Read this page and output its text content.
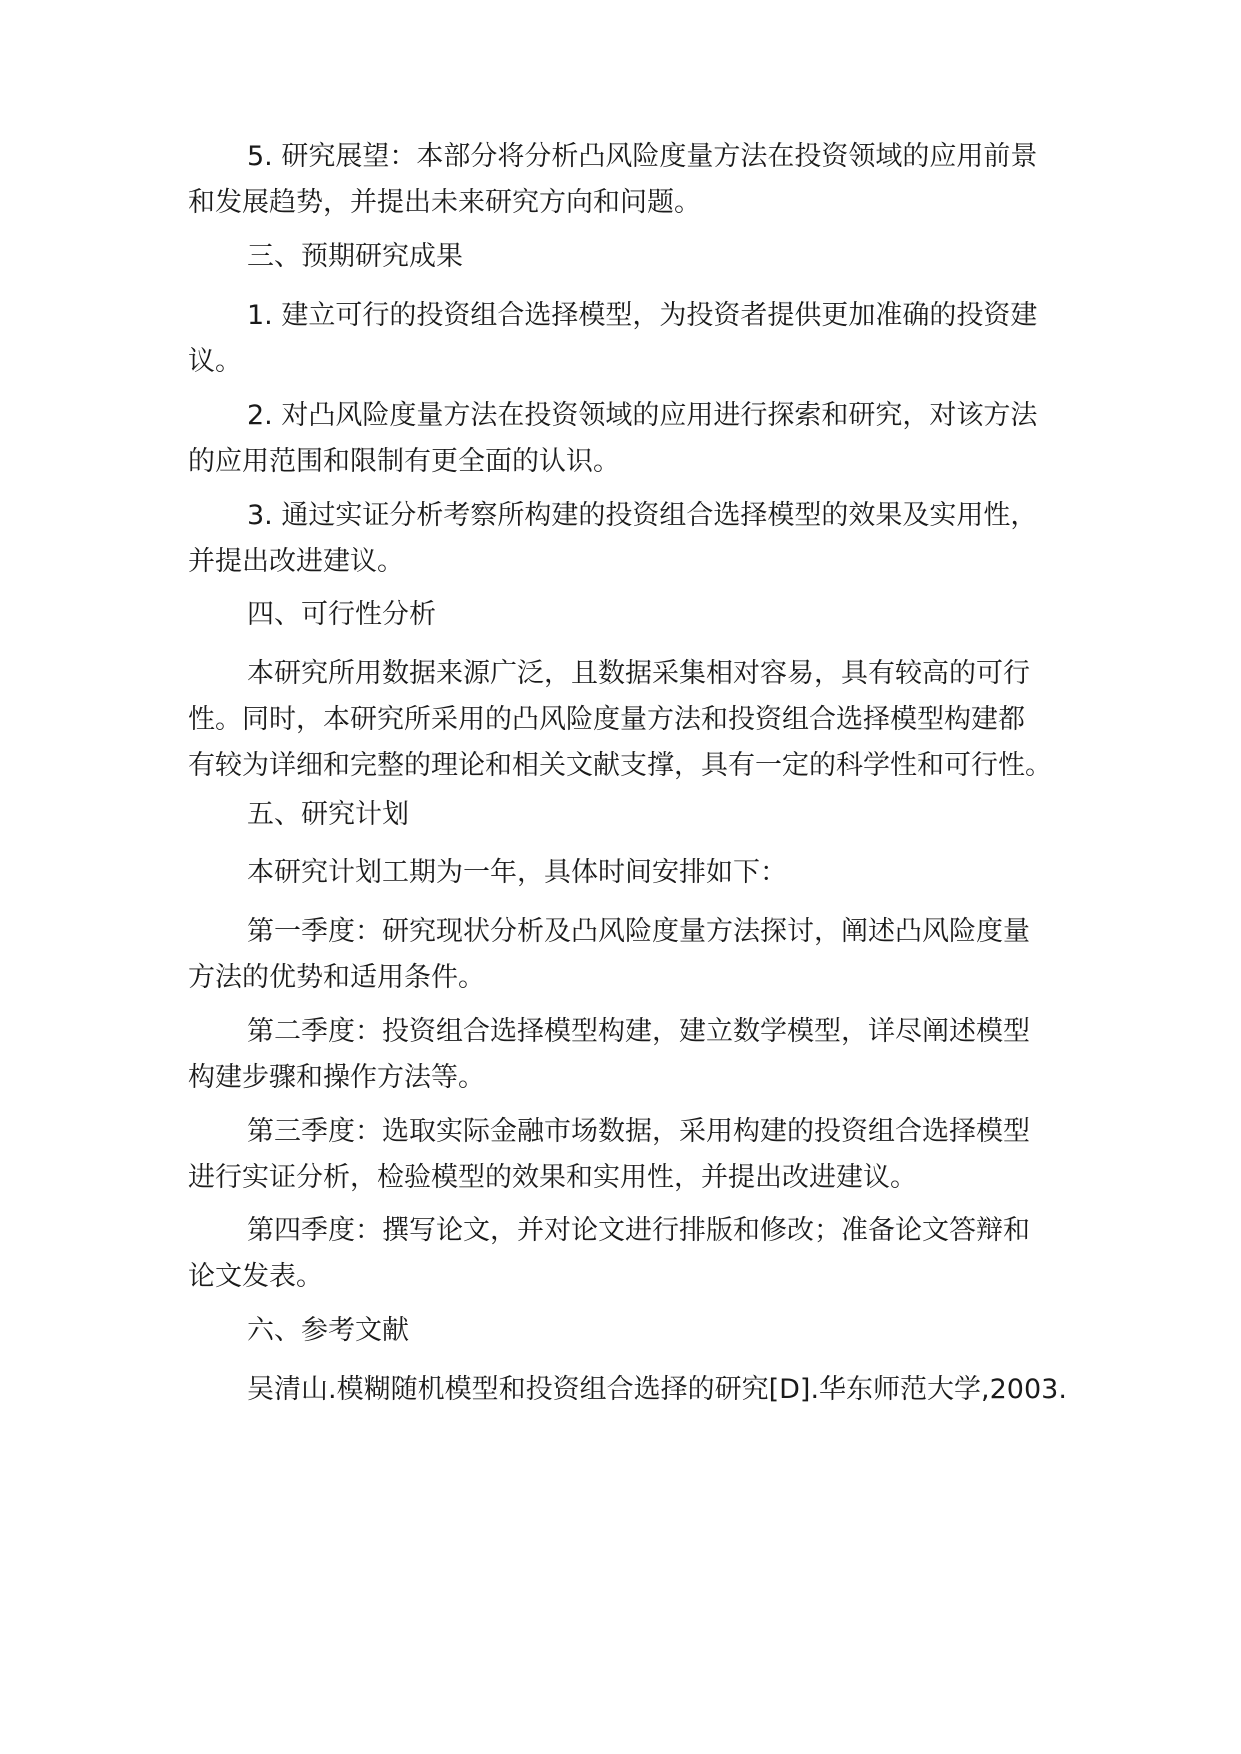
5. 研究展望：本部分将分析凸风险度量方法在投资领域的应用前景
和发展趋势，并提出未来研究方向和问题。
三、预期研究成果
1. 建立可行的投资组合选择模型，为投资者提供更加准确的投资建
议。
2. 对凸风险度量方法在投资领域的应用进行探索和研究，对该方法
的应用范围和限制有更全面的认识。
3. 通过实证分析考察所构建的投资组合选择模型的效果及实用性，
并提出改进建议。
四、可行性分析
本研究所用数据来源广泛，且数据采集相对容易，具有较高的可行
性。同时，本研究所采用的凸风险度量方法和投资组合选择模型构建都
有较为详细和完整的理论和相关文献支撑，具有一定的科学性和可行性。
五、研究计划
本研究计划工期为一年，具体时间安排如下：
第一季度：研究现状分析及凸风险度量方法探讨，阐述凸风险度量
方法的优势和适用条件。
第二季度：投资组合选择模型构建，建立数学模型，详尽阐述模型
构建步骤和操作方法等。
第三季度：选取实际金融市场数据，采用构建的投资组合选择模型
进行实证分析，检验模型的效果和实用性，并提出改进建议。
第四季度：撰写论文，并对论文进行排版和修改；准备论文答辩和
论文发表。
六、参考文献
吴清山.模糊随机模型和投资组合选择的研究[D].华东师范大学,2003.
